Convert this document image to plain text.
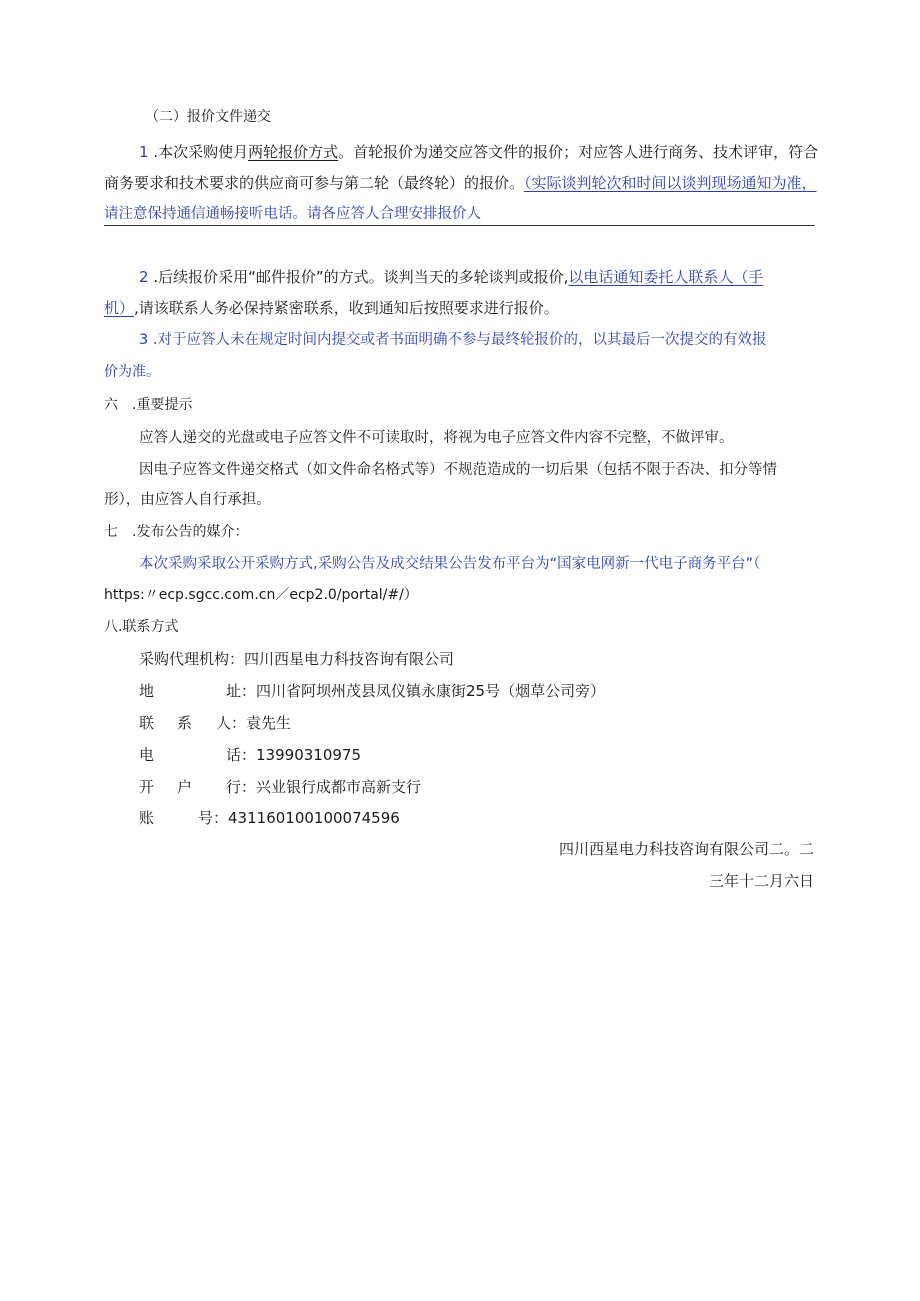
（二）报价文件递交
1 .本次采购使月两轮报价方式。首轮报价为递交应答文件的报价；对应答人进行商务、技术评审，符合
商务要求和技术要求的供应商可参与第二轮（最终轮）的报价。（实际谈判轮次和时间以谈判现场通知为准，
请注意保持通信通畅接听电话。请各应答人合理安排报价人
2 .后续报价采用“邮件报价”的方式。谈判当天的多轮谈判或报价,以电话通知委托人联系人（手
机）,请该联系人务必保持紧密联系，收到通知后按照要求进行报价。
3 .对于应答人未在规定时间内提交或者书面明确不参与最终轮报价的，以其最后一次提交的有效报
价为准。
六　.重要提示
应答人递交的光盘或电子应答文件不可读取时，将视为电子应答文件内容不完整，不做评审。
因电子应答文件递交格式（如文件命名格式等）不规范造成的一切后果（包括不限于否决、扣分等情
形），由应答人自行承担。
七　.发布公告的媒介：
本次采购采取公开采购方式,采购公告及成交结果公告发布平台为“国家电网新一代电子商务平台”（
https:〃ecp.sgcc.com.cn／ecp2.0/portal/#/）
八.联系方式
采购代理机构：四川西星电力科技咨询有限公司
地	址：四川省阿坝州茂县凤仪镇永康街25号（烟草公司旁）
联 系 人：袁先生
电	话：13990310975
开 户 行：兴业银行成都市高新支行
账	号：431160100100074596
四川西星电力科技咨询有限公司二。二
三年十二月六日
